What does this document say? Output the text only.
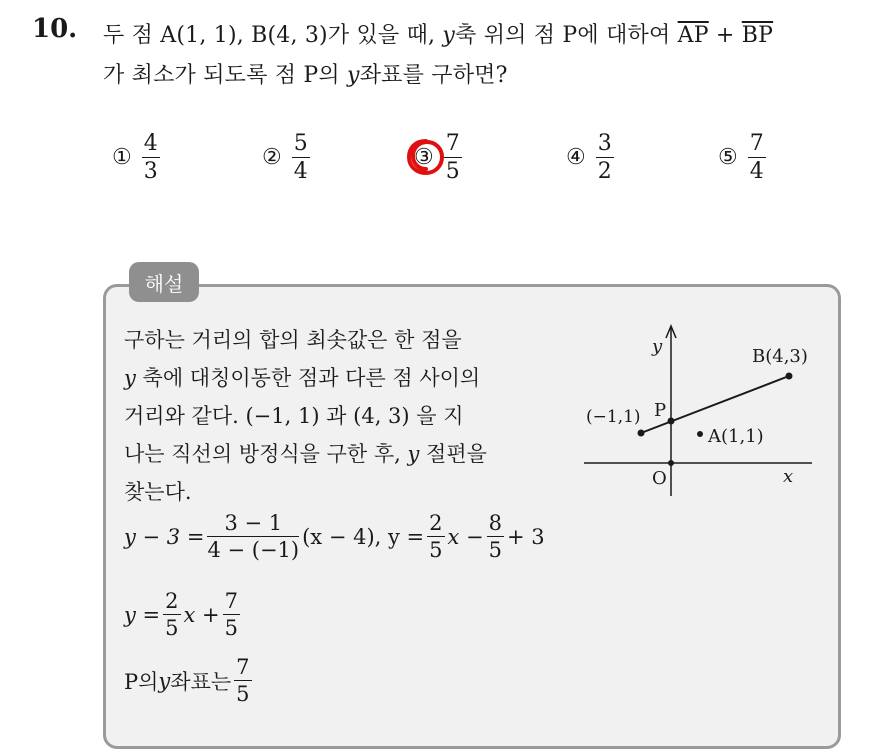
10. 두 점 A(1, 1), B(4, 3)가 있을 때, y축 위의 점 P에 대하여 $\overline{AP} + \overline{BP}$
가 최소가 되도록 점 P의 y좌표를 구하면?
① $\frac{4}{3}$	② $\frac{5}{4}$	③ $\frac{7}{5}$	④ $\frac{3}{2}$	⑤ $\frac{7}{4}$
해설
구하는 거리의 합의 최솟값은 한 점을
y 축에 대칭이동한 점과 다른 점 사이의
거리와 같다. (−1, 1) 과 (4, 3) 을 지
나는 직선의 방정식을 구한 후, y 절편을
찾는다.
$y - 3 = \frac{3 - 1}{4 - (-1)} (x - 4)$, $y = \frac{2}{5}$ $x - \frac{8}{5} + 3$
$y = \frac{2}{5}$ $x + \frac{7}{5}$
P의 y 좌표는 $\frac{7}{5}$
y
x
O
B(4,3)
A(1,1)
P
(−1,1)
